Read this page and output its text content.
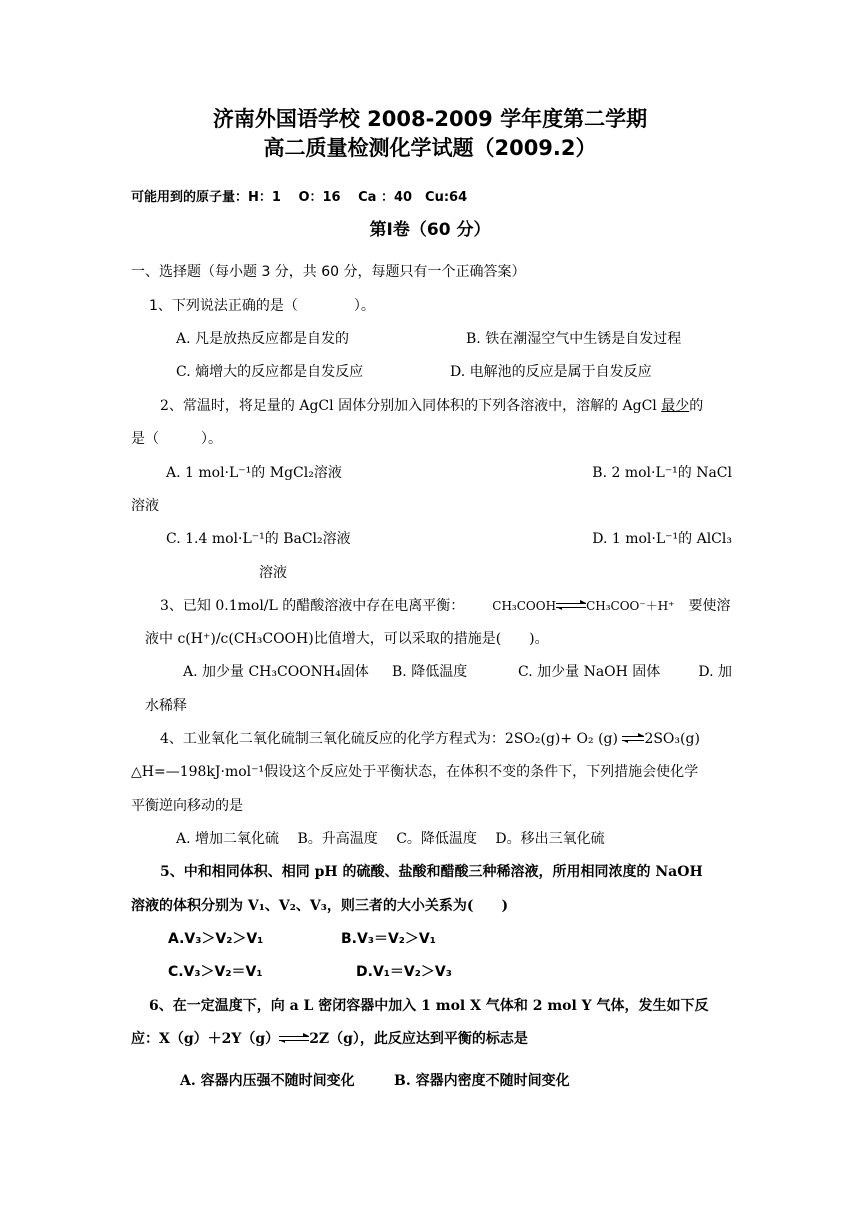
济南外国语学校 2008-2009 学年度第二学期
高二质量检测化学试题（2009.2）
可能用到的原子量：H：1　 O：16　 Ca ：40　Cu:64
第Ⅰ卷（60 分）
一、选择题（每小题 3 分，共 60 分，每题只有一个正确答案）
1、下列说法正确的是（　　　　）。
A. 凡是放热反应都是自发的	B. 铁在潮湿空气中生锈是自发过程
C. 熵增大的反应都是自发反应	D. 电解池的反应是属于自发反应
2、常温时，将足量的 AgCl 固体分别加入同体积的下列各溶液中，溶解的 AgCl 最少的
是（　　　）。
A. 1 mol·L⁻¹的 MgCl₂溶液	B. 2 mol·L⁻¹的 NaCl
溶液
C. 1.4 mol·L⁻¹的 BaCl₂溶液	D. 1 mol·L⁻¹的 AlCl₃
溶液
3、已知 0.1mol/L 的醋酸溶液中存在电离平衡： CH₃COOH⇌CH₃COO⁻＋H⁺ 要使溶
液中 c(H⁺)/c(CH₃COOH)比值增大，可以采取的措施是(　　)。
A. 加少量 CH₃COONH₄固体 B. 降低温度	C. 加少量 NaOH 固体	D. 加
水稀释
4、工业氧化二氧化硫制三氧化硫反应的化学方程式为：2SO₂(g)+ O₂ (g) ⇌2SO₃(g)
△H=—198kJ·mol⁻¹假设这个反应处于平衡状态，在体积不变的条件下，下列措施会使化学
平衡逆向移动的是
A. 增加二氧化硫　 B。升高温度　 C。降低温度　 D。移出三氧化硫
5、中和相同体积、相同 pH 的硫酸、盐酸和醋酸三种稀溶液，所用相同浓度的 NaOH
溶液的体积分别为 V₁、V₂、V₃，则三者的大小关系为(　　)
A.V₃＞V₂＞V₁	B.V₃＝V₂＞V₁
C.V₃＞V₂＝V₁	D.V₁＝V₂＞V₃
6、在一定温度下，向 a L 密闭容器中加入 1 mol X 气体和 2 mol Y 气体，发生如下反
应：X（g）＋2Y（g）⇌2Z（g），此反应达到平衡的标志是
A. 容器内压强不随时间变化	B. 容器内密度不随时间变化
